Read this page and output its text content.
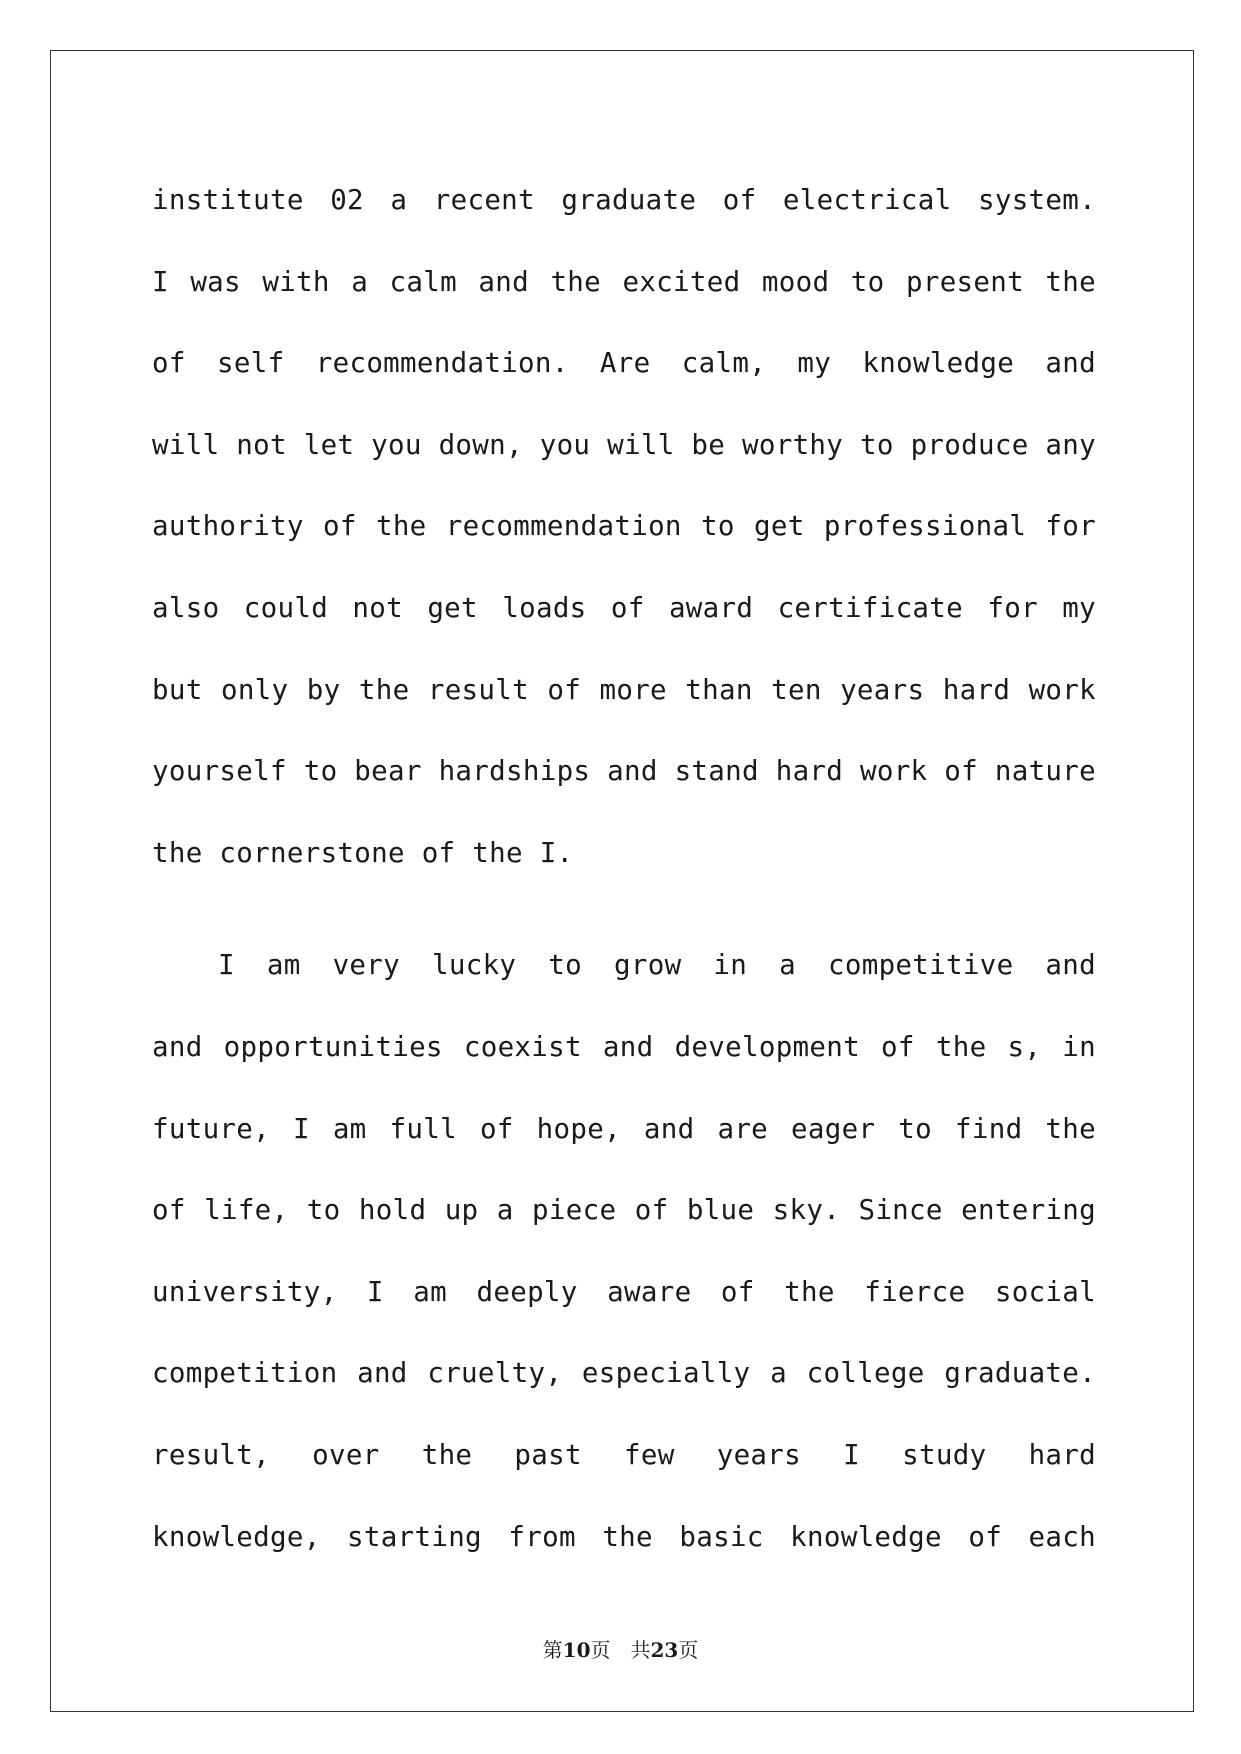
institute 02 a recent graduate of electrical system.
I was with a calm and the excited mood to present the
of self recommendation. Are calm, my knowledge and
will not let you down, you will be worthy to produce any
authority of the recommendation to get professional for
also could not get loads of award certificate for my
but only by the result of more than ten years hard work
yourself to bear hardships and stand hard work of nature
the cornerstone of the I.
I am very lucky to grow in a competitive and
and opportunities coexist and development of the s, in
future, I am full of hope, and are eager to find the
of life, to hold up a piece of blue sky. Since entering
university, I am deeply aware of the fierce social
competition and cruelty, especially a college graduate.
result, over the past few years I study hard
knowledge, starting from the basic knowledge of each
第10页 共23页
